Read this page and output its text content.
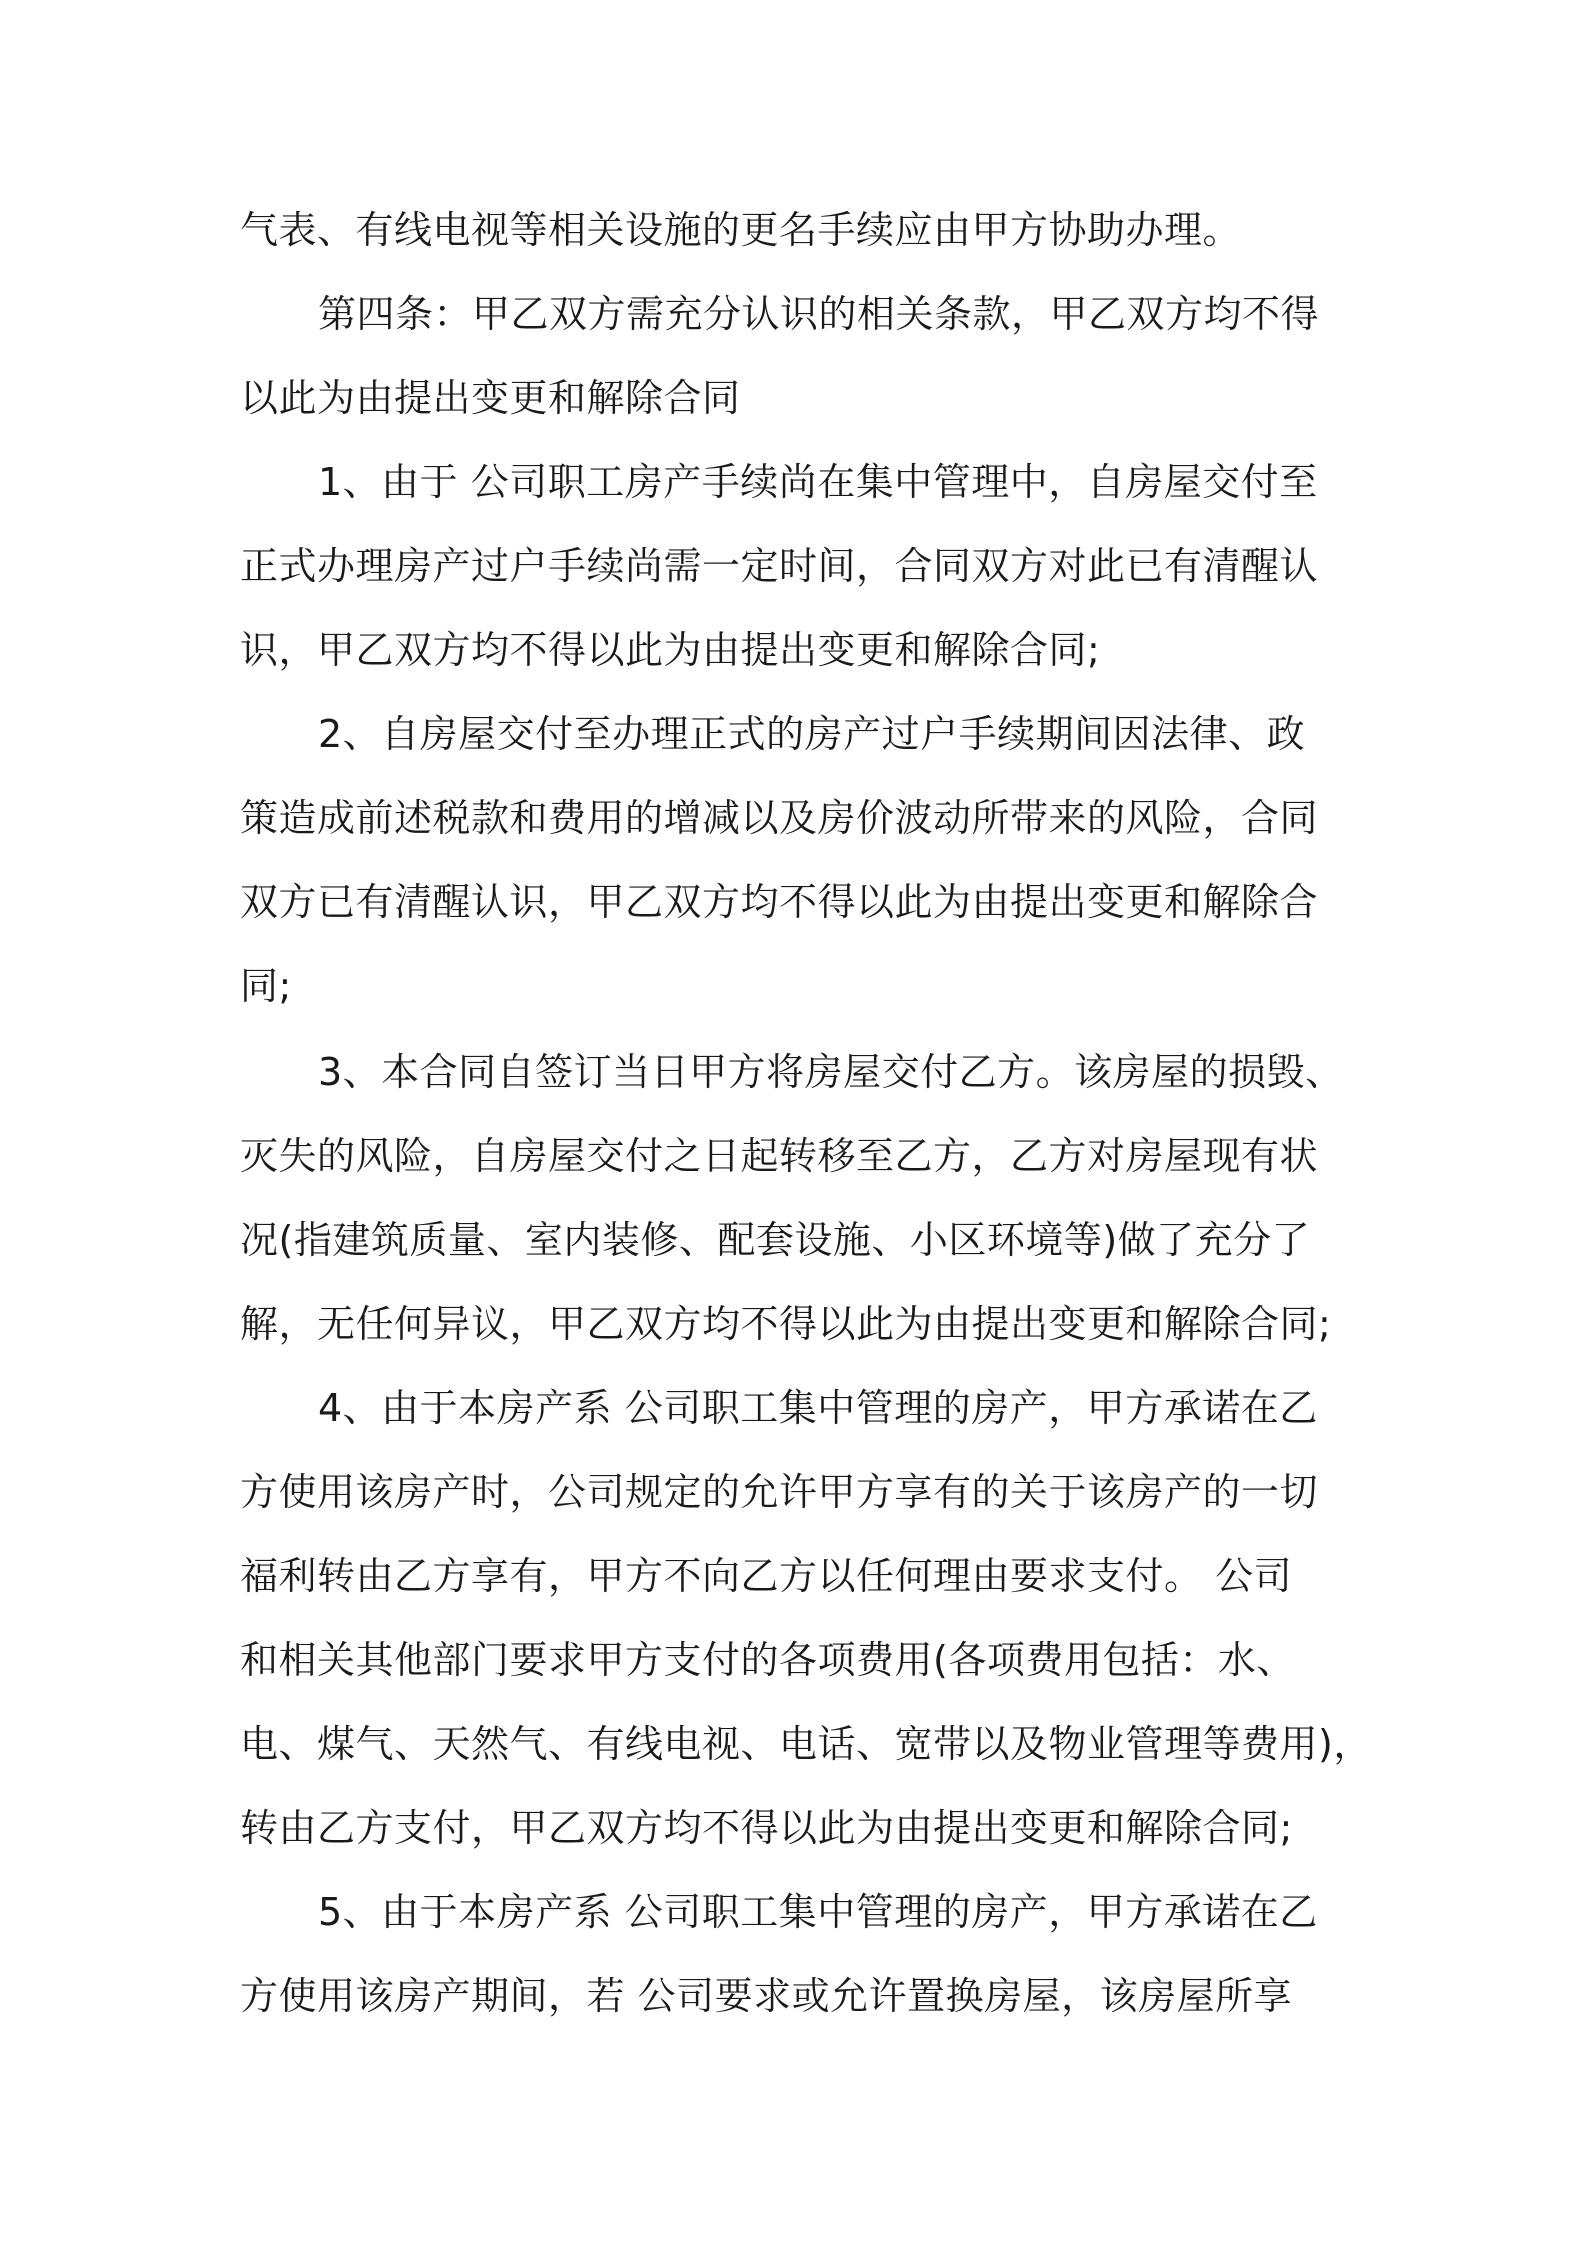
气表、有线电视等相关设施的更名手续应由甲方协助办理。
第四条：甲乙双方需充分认识的相关条款，甲乙双方均不得
以此为由提出变更和解除合同
1、由于 公司职工房产手续尚在集中管理中，自房屋交付至
正式办理房产过户手续尚需一定时间，合同双方对此已有清醒认
识，甲乙双方均不得以此为由提出变更和解除合同;
2、自房屋交付至办理正式的房产过户手续期间因法律、政
策造成前述税款和费用的增减以及房价波动所带来的风险，合同
双方已有清醒认识，甲乙双方均不得以此为由提出变更和解除合
同;
3、本合同自签订当日甲方将房屋交付乙方。该房屋的损毁、
灭失的风险，自房屋交付之日起转移至乙方，乙方对房屋现有状
况(指建筑质量、室内装修、配套设施、小区环境等)做了充分了
解，无任何异议，甲乙双方均不得以此为由提出变更和解除合同;
4、由于本房产系 公司职工集中管理的房产，甲方承诺在乙
方使用该房产时，公司规定的允许甲方享有的关于该房产的一切
福利转由乙方享有，甲方不向乙方以任何理由要求支付。 公司
和相关其他部门要求甲方支付的各项费用(各项费用包括：水、
电、煤气、天然气、有线电视、电话、宽带以及物业管理等费用)，
转由乙方支付，甲乙双方均不得以此为由提出变更和解除合同;
5、由于本房产系 公司职工集中管理的房产，甲方承诺在乙
方使用该房产期间，若 公司要求或允许置换房屋，该房屋所享
